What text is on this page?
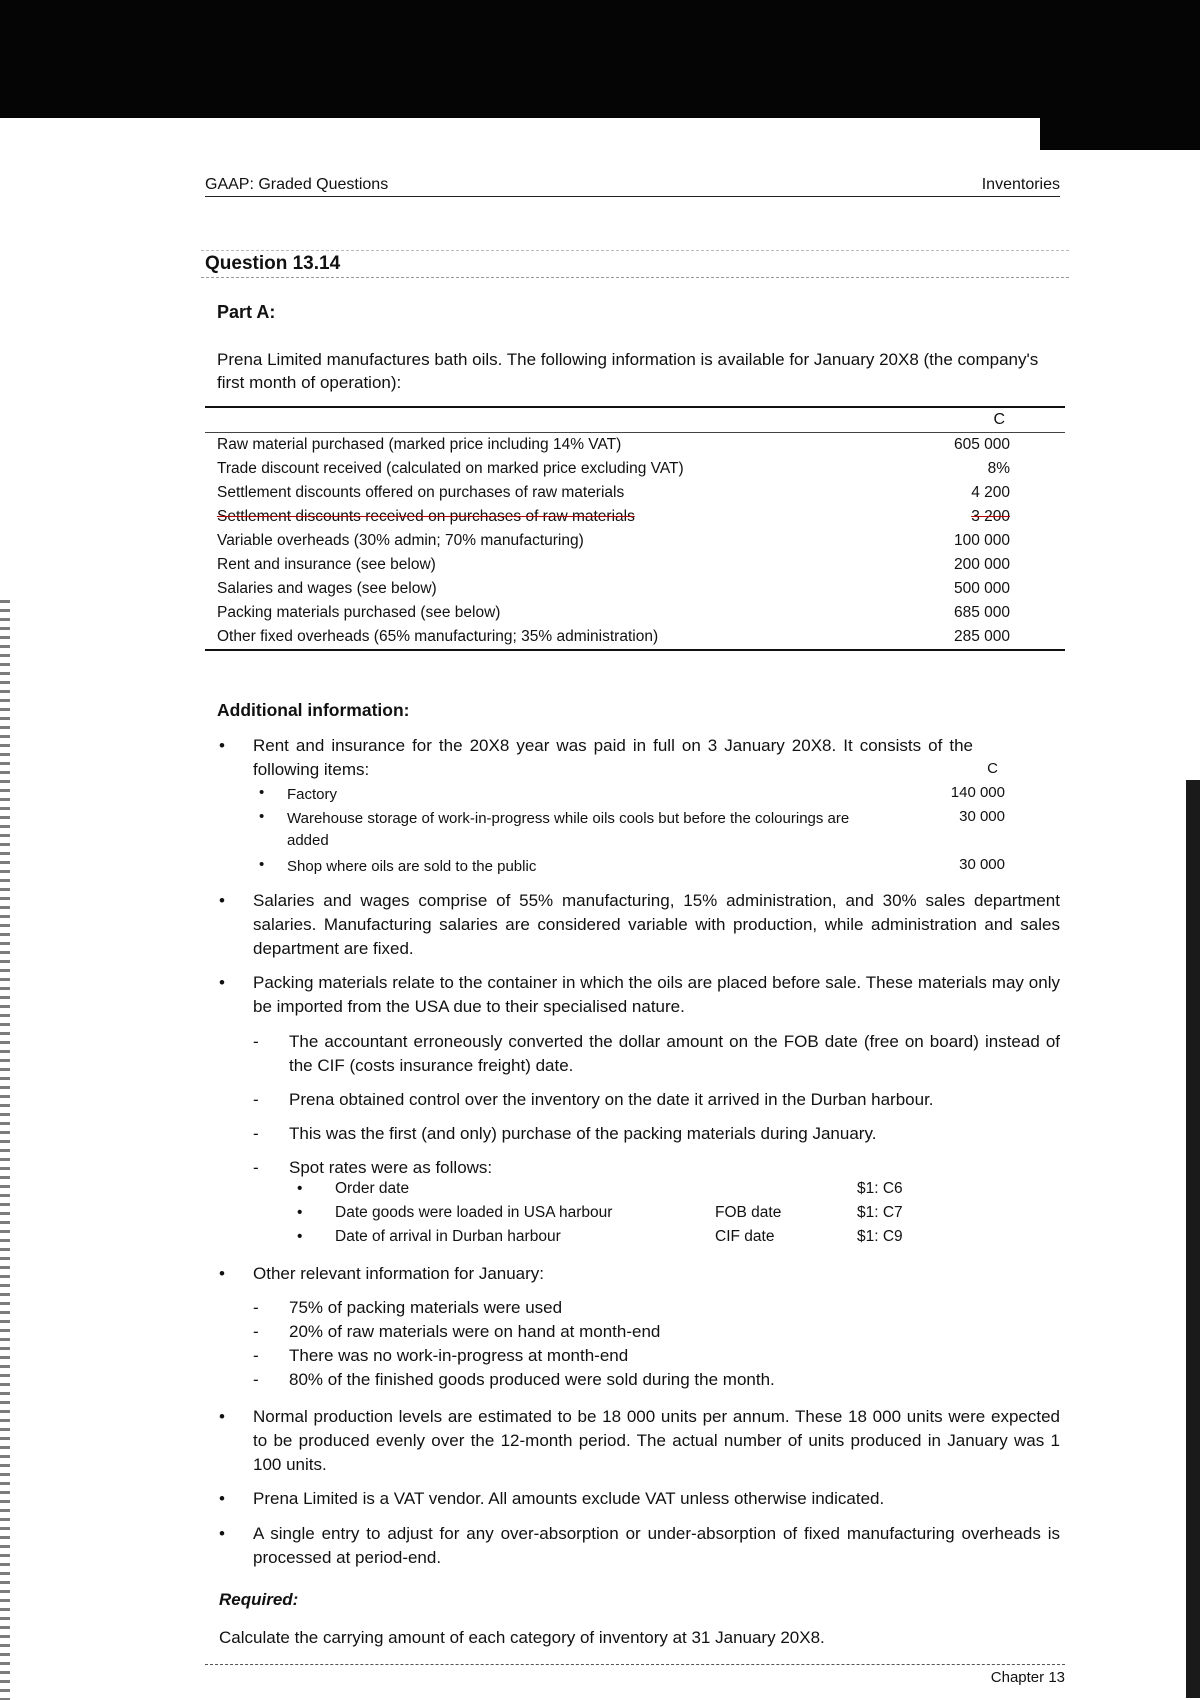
GAAP: Graded Questions	Inventories
Question 13.14
Part A:
Prena Limited manufactures bath oils. The following information is available for January 20X8 (the company's first month of operation):
C
Raw material purchased (marked price including 14% VAT)	605 000
Trade discount received (calculated on marked price excluding VAT)	8%
Settlement discounts offered on purchases of raw materials	4 200
Settlement discounts received on purchases of raw materials	3 200
Variable overheads (30% admin; 70% manufacturing)	100 000
Rent and insurance (see below)	200 000
Salaries and wages (see below)	500 000
Packing materials purchased (see below)	685 000
Other fixed overheads (65% manufacturing; 35% administration)	285 000
Additional information:
• Rent and insurance for the 20X8 year was paid in full on 3 January 20X8. It consists of the following items:	C
• Factory	140 000
• Warehouse storage of work-in-progress while oils cools but before the colourings are added
30 000
• Shop where oils are sold to the public	30 000
• Salaries and wages comprise of 55% manufacturing, 15% administration, and 30% sales department salaries. Manufacturing salaries are considered variable with production, while administration and sales department are fixed.
• Packing materials relate to the container in which the oils are placed before sale. These materials may only be imported from the USA due to their specialised nature.
- The accountant erroneously converted the dollar amount on the FOB date (free on board) instead of the CIF (costs insurance freight) date.
- Prena obtained control over the inventory on the date it arrived in the Durban harbour.
- This was the first (and only) purchase of the packing materials during January.
- Spot rates were as follows:
• Order date	$1: C6
• Date goods were loaded in USA harbour	FOB date	$1: C7
• Date of arrival in Durban harbour	CIF date	$1: C9
• Other relevant information for January:
- 75% of packing materials were used
- 20% of raw materials were on hand at month-end
- There was no work-in-progress at month-end
- 80% of the finished goods produced were sold during the month.
• Normal production levels are estimated to be 18 000 units per annum. These 18 000 units were expected to be produced evenly over the 12-month period. The actual number of units produced in January was 1 100 units.
• Prena Limited is a VAT vendor. All amounts exclude VAT unless otherwise indicated.
• A single entry to adjust for any over-absorption or under-absorption of fixed manufacturing overheads is processed at period-end.
Required:
Calculate the carrying amount of each category of inventory at 31 January 20X8.
Chapter 13
